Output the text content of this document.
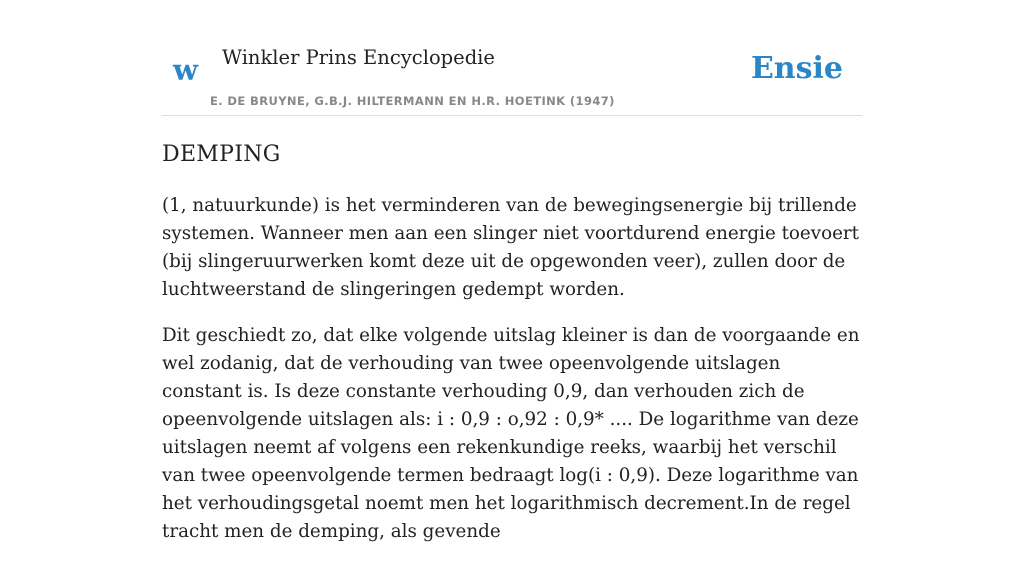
w Winkler Prins Encyclopedie
E. DE BRUYNE, G.B.J. HILTERMANN EN H.R. HOETINK (1947)
Ensie
DEMPING

(1, natuurkunde) is het verminderen van de bewegingsenergie bij trillende systemen. Wanneer men aan een slinger niet voortdurend energie toevoert (bij slingeruurwerken komt deze uit de opgewonden veer), zullen door de luchtweerstand de slingeringen gedempt worden.

Dit geschiedt zo, dat elke volgende uitslag kleiner is dan de voorgaande en wel zodanig, dat de verhouding van twee opeenvolgende uitslagen constant is. Is deze constante verhouding 0,9, dan verhouden zich de opeenvolgende uitslagen als: i : 0,9 : o,92 : 0,9* .... De logarithme van deze uitslagen neemt af volgens een rekenkundige reeks, waarbij het verschil van twee opeenvolgende termen bedraagt log(i : 0,9). Deze logarithme van het verhoudingsgetal noemt men het logarithmisch decrement.In de regel tracht men de demping, als gevende
